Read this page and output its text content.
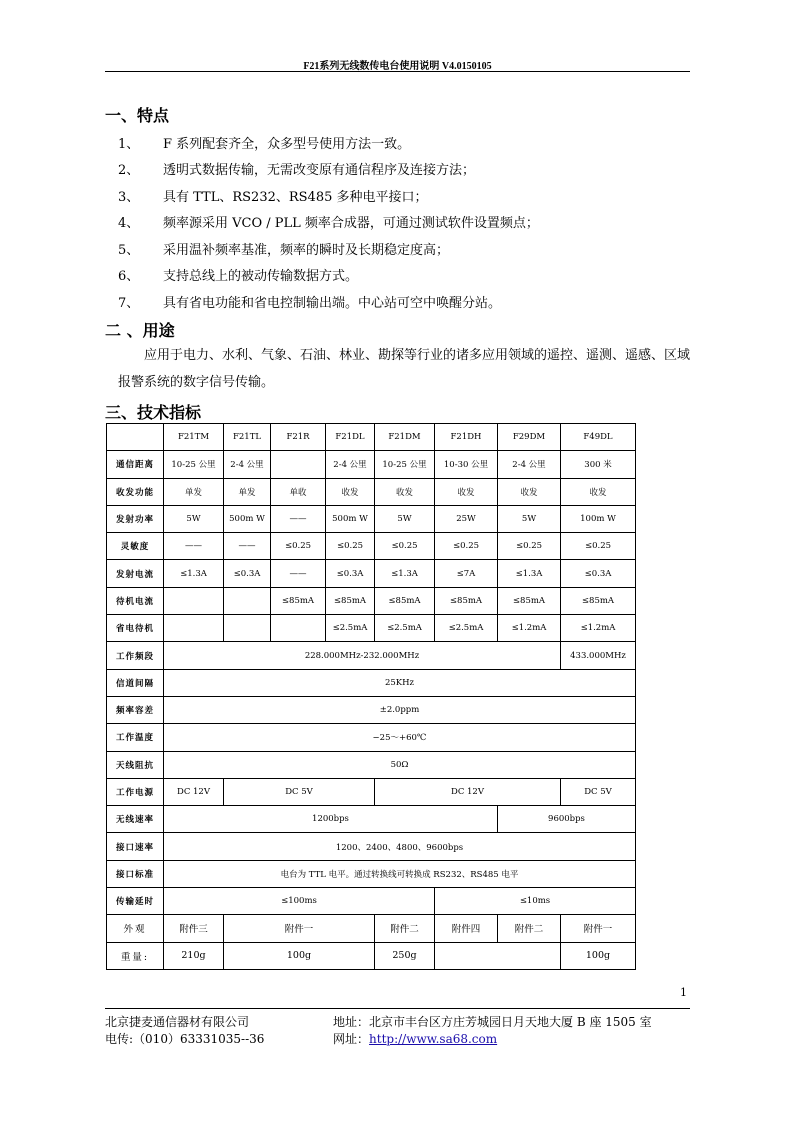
F21系列无线数传电台使用说明 V4.0150105
一、特点
1、 F 系列配套齐全，众多型号使用方法一致。
2、 透明式数据传输，无需改变原有通信程序及连接方法；
3、 具有 TTL、RS232、RS485 多种电平接口；
4、 频率源采用 VCO / PLL 频率合成器，可通过测试软件设置频点；
5、 采用温补频率基准，频率的瞬时及长期稳定度高；
6、 支持总线上的被动传输数据方式。
7、 具有省电功能和省电控制输出端。中心站可空中唤醒分站。
二 、用途

应用于电力、水利、气象、石油、林业、勘探等行业的诸多应用领域的遥控、遥测、遥感、区域报警系统的数字信号传输。

三、技术指标
	F21TM	F21TL	F21R	F21DL	F21DM	F21DH	F29DM	F49DL
通信距离	10-25 公里	2-4 公里		2-4 公里	10-25 公里	10-30 公里	2-4 公里	300 米
收发功能	单发	单发	单收	收发	收发	收发	收发	收发
发射功率	5W	500m W	——	500m W	5W	25W	5W	100m W
灵敏度	——	——	≤0.25	≤0.25	≤0.25	≤0.25	≤0.25	≤0.25
发射电流	≤1.3A	≤0.3A	——	≤0.3A	≤1.3A	≤7A	≤1.3A	≤0.3A
待机电流			≤85mA	≤85mA	≤85mA	≤85mA	≤85mA	≤85mA
省电待机				≤2.5mA	≤2.5mA	≤2.5mA	≤1.2mA	≤1.2mA
工作频段	228.000MHz-232.000MHz							433.000MHz
信道间隔	25KHz							
频率容差	±2.0ppm							
工作温度	−25～+60℃							
天线阻抗	50Ω							
工作电源	DC 12V	DC 5V			DC 12V			DC 5V
无线速率	1200bps						9600bps	
接口速率	1200、2400、4800、9600bps							
接口标准	电台为 TTL 电平。通过转换线可转换成 RS232、RS485 电平							
传输延时	≤100ms					≤10ms		
外观	附件三	附件一			附件二	附件四	附件二	附件一
重量:	210g	100g			250g			100g
1
北京捷麦通信器材有限公司
电传:（010）63331035--36
地址：北京市丰台区方庄芳城园日月天地大厦 B 座 1505 室
网址：http://www.sa68.com
